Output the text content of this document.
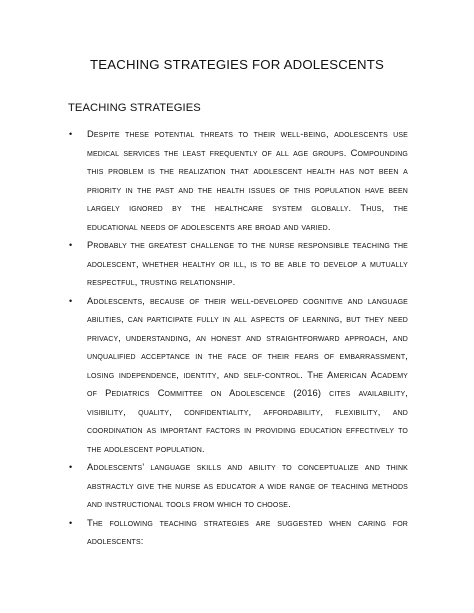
TEACHING STRATEGIES FOR ADOLESCENTS
TEACHING STRATEGIES
• Despite these potential threats to their well-being, adolescents use medical services the least frequently of all age groups. Compounding this problem is the realization that adolescent health has not been a priority in the past and the health issues of this population have been largely ignored by the healthcare system globally. Thus, the educational needs of adolescents are broad and varied.
• Probably the greatest challenge to the nurse responsible teaching the adolescent, whether healthy or ill, is to be able to develop a mutually respectful, trusting relationship.
• Adolescents, because of their well-developed cognitive and language abilities, can participate fully in all aspects of learning, but they need privacy, understanding, an honest and straightforward approach, and unqualified acceptance in the face of their fears of embarrassment, losing independence, identity, and self-control. The American Academy of Pediatrics Committee on Adolescence (2016) cites availability, visibility, quality, confidentiality, affordability, flexibility, and coordination as important factors in providing education effectively to the adolescent population.
• Adolescents’ language skills and ability to conceptualize and think abstractly give the nurse as educator a wide range of teaching methods and instructional tools from which to choose.
• The following teaching strategies are suggested when caring for adolescents:
